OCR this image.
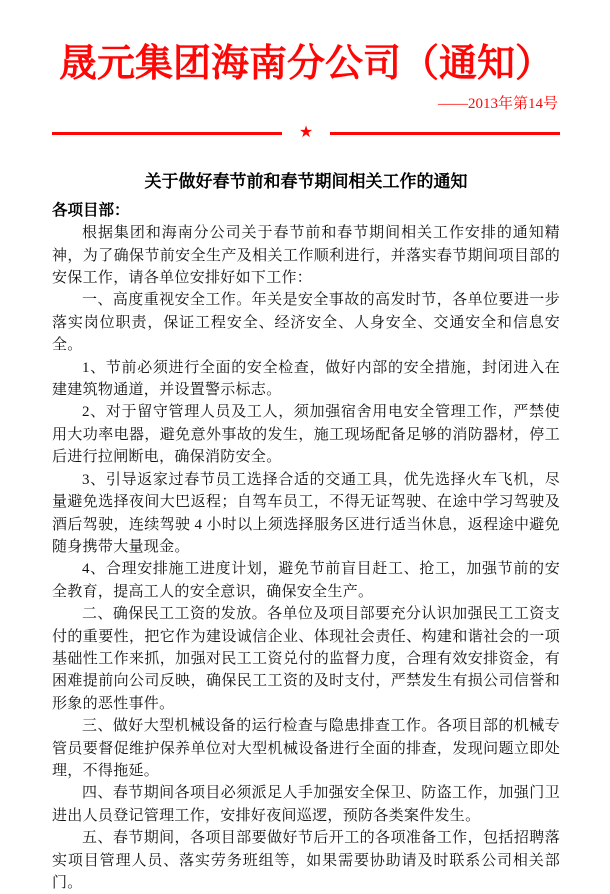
晟元集团海南分公司（通知）
——2013年第14号
★
关于做好春节前和春节期间相关工作的通知
各项目部：
根据集团和海南分公司关于春节前和春节期间相关工作安排的通知精神，为了确保节前安全生产及相关工作顺利进行，并落实春节期间项目部的安保工作，请各单位安排好如下工作：
一、高度重视安全工作。年关是安全事故的高发时节，各单位要进一步落实岗位职责，保证工程安全、经济安全、人身安全、交通安全和信息安全。
1、节前必须进行全面的安全检查，做好内部的安全措施，封闭进入在建建筑物通道，并设置警示标志。
2、对于留守管理人员及工人，须加强宿舍用电安全管理工作，严禁使用大功率电器，避免意外事故的发生，施工现场配备足够的消防器材，停工后进行拉闸断电，确保消防安全。
3、引导返家过春节员工选择合适的交通工具，优先选择火车飞机，尽量避免选择夜间大巴返程；自驾车员工，不得无证驾驶、在途中学习驾驶及酒后驾驶，连续驾驶 4 小时以上须选择服务区进行适当休息，返程途中避免随身携带大量现金。
4、合理安排施工进度计划，避免节前盲目赶工、抢工，加强节前的安全教育，提高工人的安全意识，确保安全生产。
二、确保民工工资的发放。各单位及项目部要充分认识加强民工工资支付的重要性，把它作为建设诚信企业、体现社会责任、构建和谐社会的一项基础性工作来抓，加强对民工工资兑付的监督力度，合理有效安排资金，有困难提前向公司反映，确保民工工资的及时支付，严禁发生有损公司信誉和形象的恶性事件。
三、做好大型机械设备的运行检查与隐患排查工作。各项目部的机械专管员要督促维护保养单位对大型机械设备进行全面的排查，发现问题立即处理，不得拖延。
四、春节期间各项目必须派足人手加强安全保卫、防盗工作，加强门卫进出人员登记管理工作，安排好夜间巡逻，预防各类案件发生。
五、春节期间，各项目部要做好节后开工的各项准备工作，包括招聘落实项目管理人员、落实劳务班组等，如果需要协助请及时联系公司相关部门。
